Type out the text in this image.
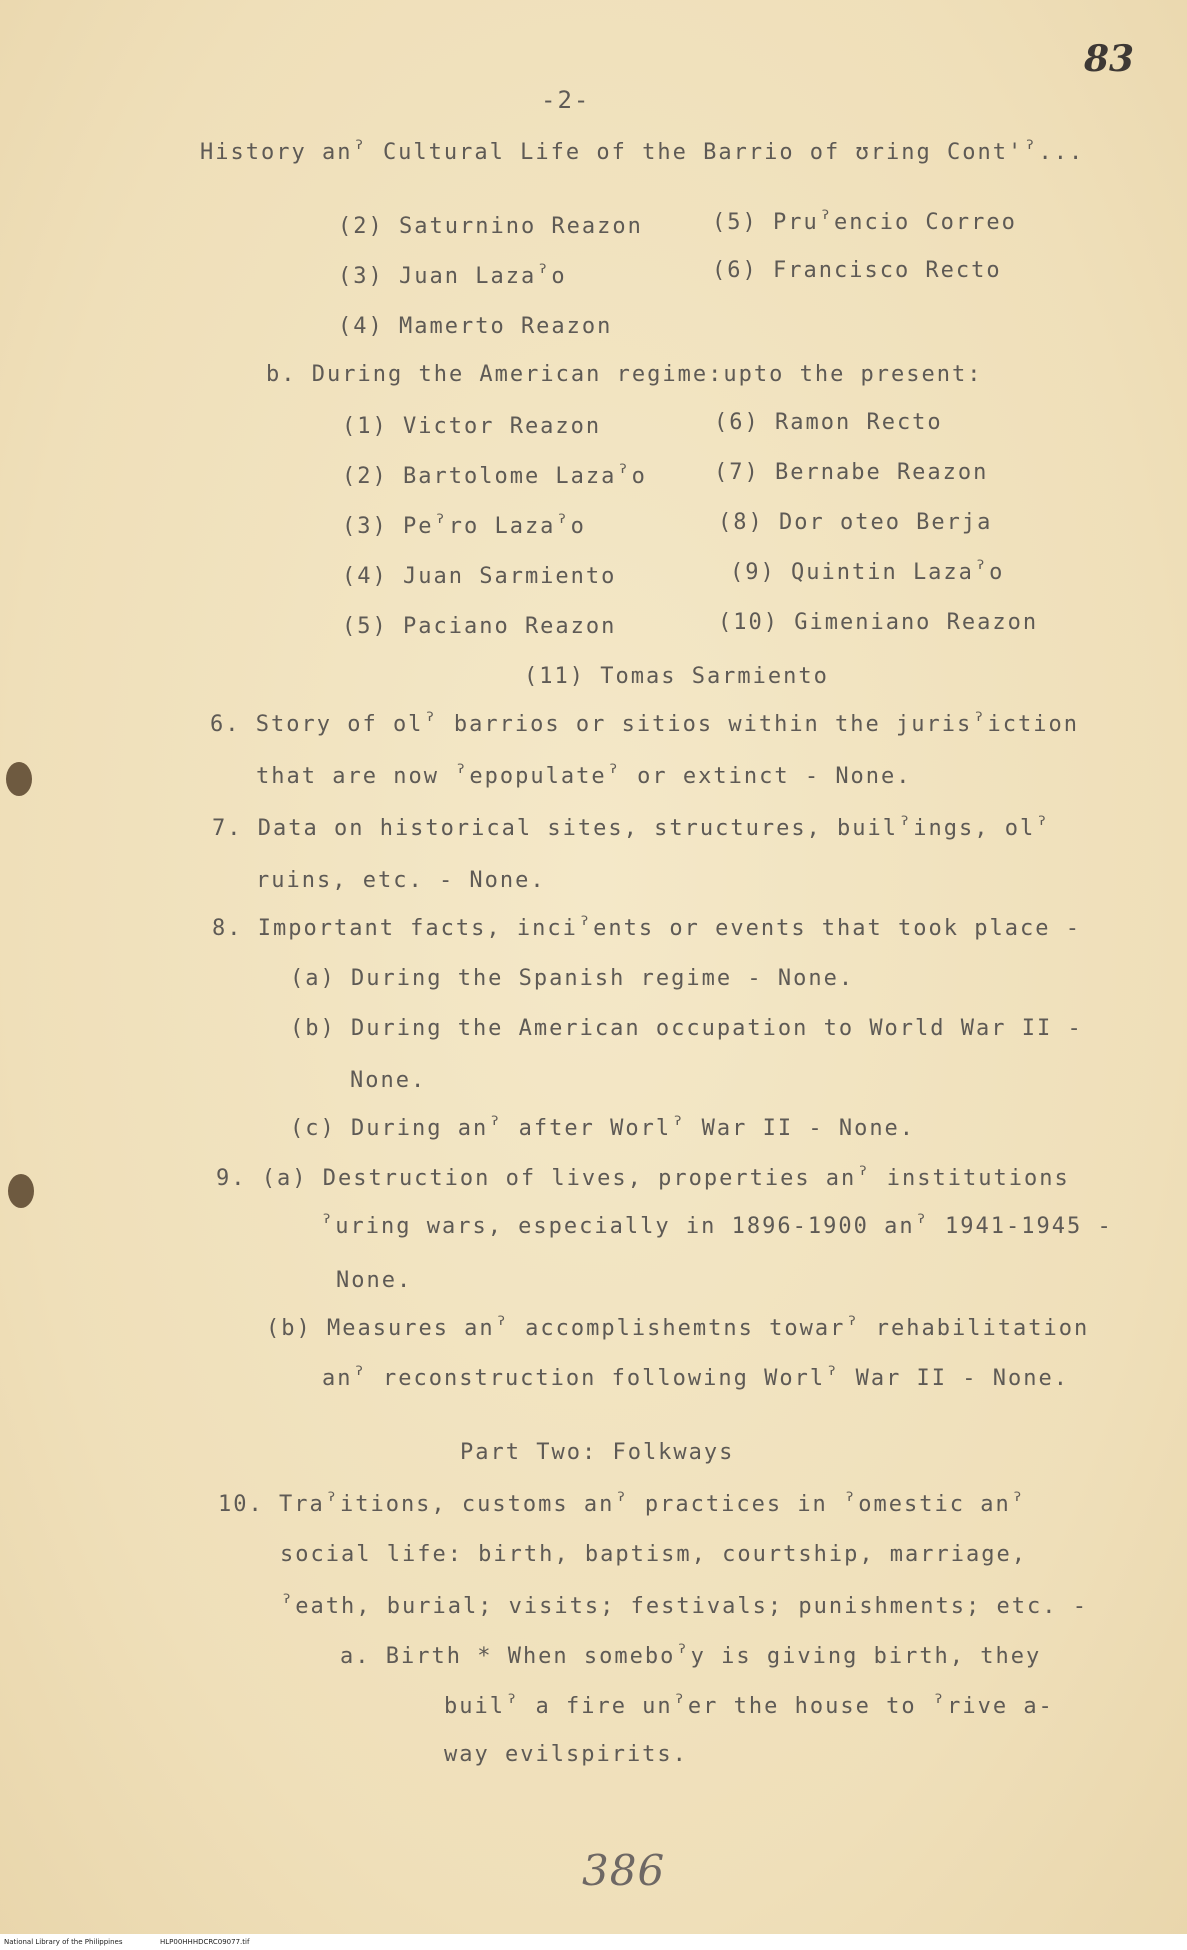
83
-2-
History anˀ Cultural Life of the Barrio of ʊring Cont'ˀ...
(2) Saturnino Reazon
(3) Juan Lazaˀo
(4) Mamerto Reazon
(5) Pruˀencio Correo
(6) Francisco Recto
b. During the American regime:upto the present:
(1) Victor Reazon
(2) Bartolome Lazaˀo
(3) Peˀro Lazaˀo
(4) Juan Sarmiento
(5) Paciano Reazon
(6) Ramon Recto
(7) Bernabe Reazon
(8) Dor oteo Berja
(9) Quintin Lazaˀo
(10) Gimeniano Reazon
(11) Tomas Sarmiento
6. Story of olˀ barrios or sitios within the jurisˀiction
that are now ˀepopulateˀ or extinct - None.
7. Data on historical sites, structures, builˀings, olˀ
ruins, etc. - None.
8. Important facts, inciˀents or events that took place -
(a) During the Spanish regime - None.
(b) During the American occupation to World War II -
None.
(c) During anˀ after Worlˀ War II - None.
9. (a) Destruction of lives, properties anˀ institutions
ˀuring wars, especially in 1896-1900 anˀ 1941-1945 -
None.
(b) Measures anˀ accomplishemtns towarˀ rehabilitation
anˀ reconstruction following Worlˀ War II - None.
Part Two: Folkways
10. Traˀitions, customs anˀ practices in ˀomestic anˀ
social life: birth, baptism, courtship, marriage,
ˀeath, burial; visits; festivals; punishments; etc. -
a. Birth * When someboˀy is giving birth, they
builˀ a fire unˀer the house to ˀrive a-
way evilspirits.
386
National Library of the Philippines	HLP00HHHDCRC09077.tif
